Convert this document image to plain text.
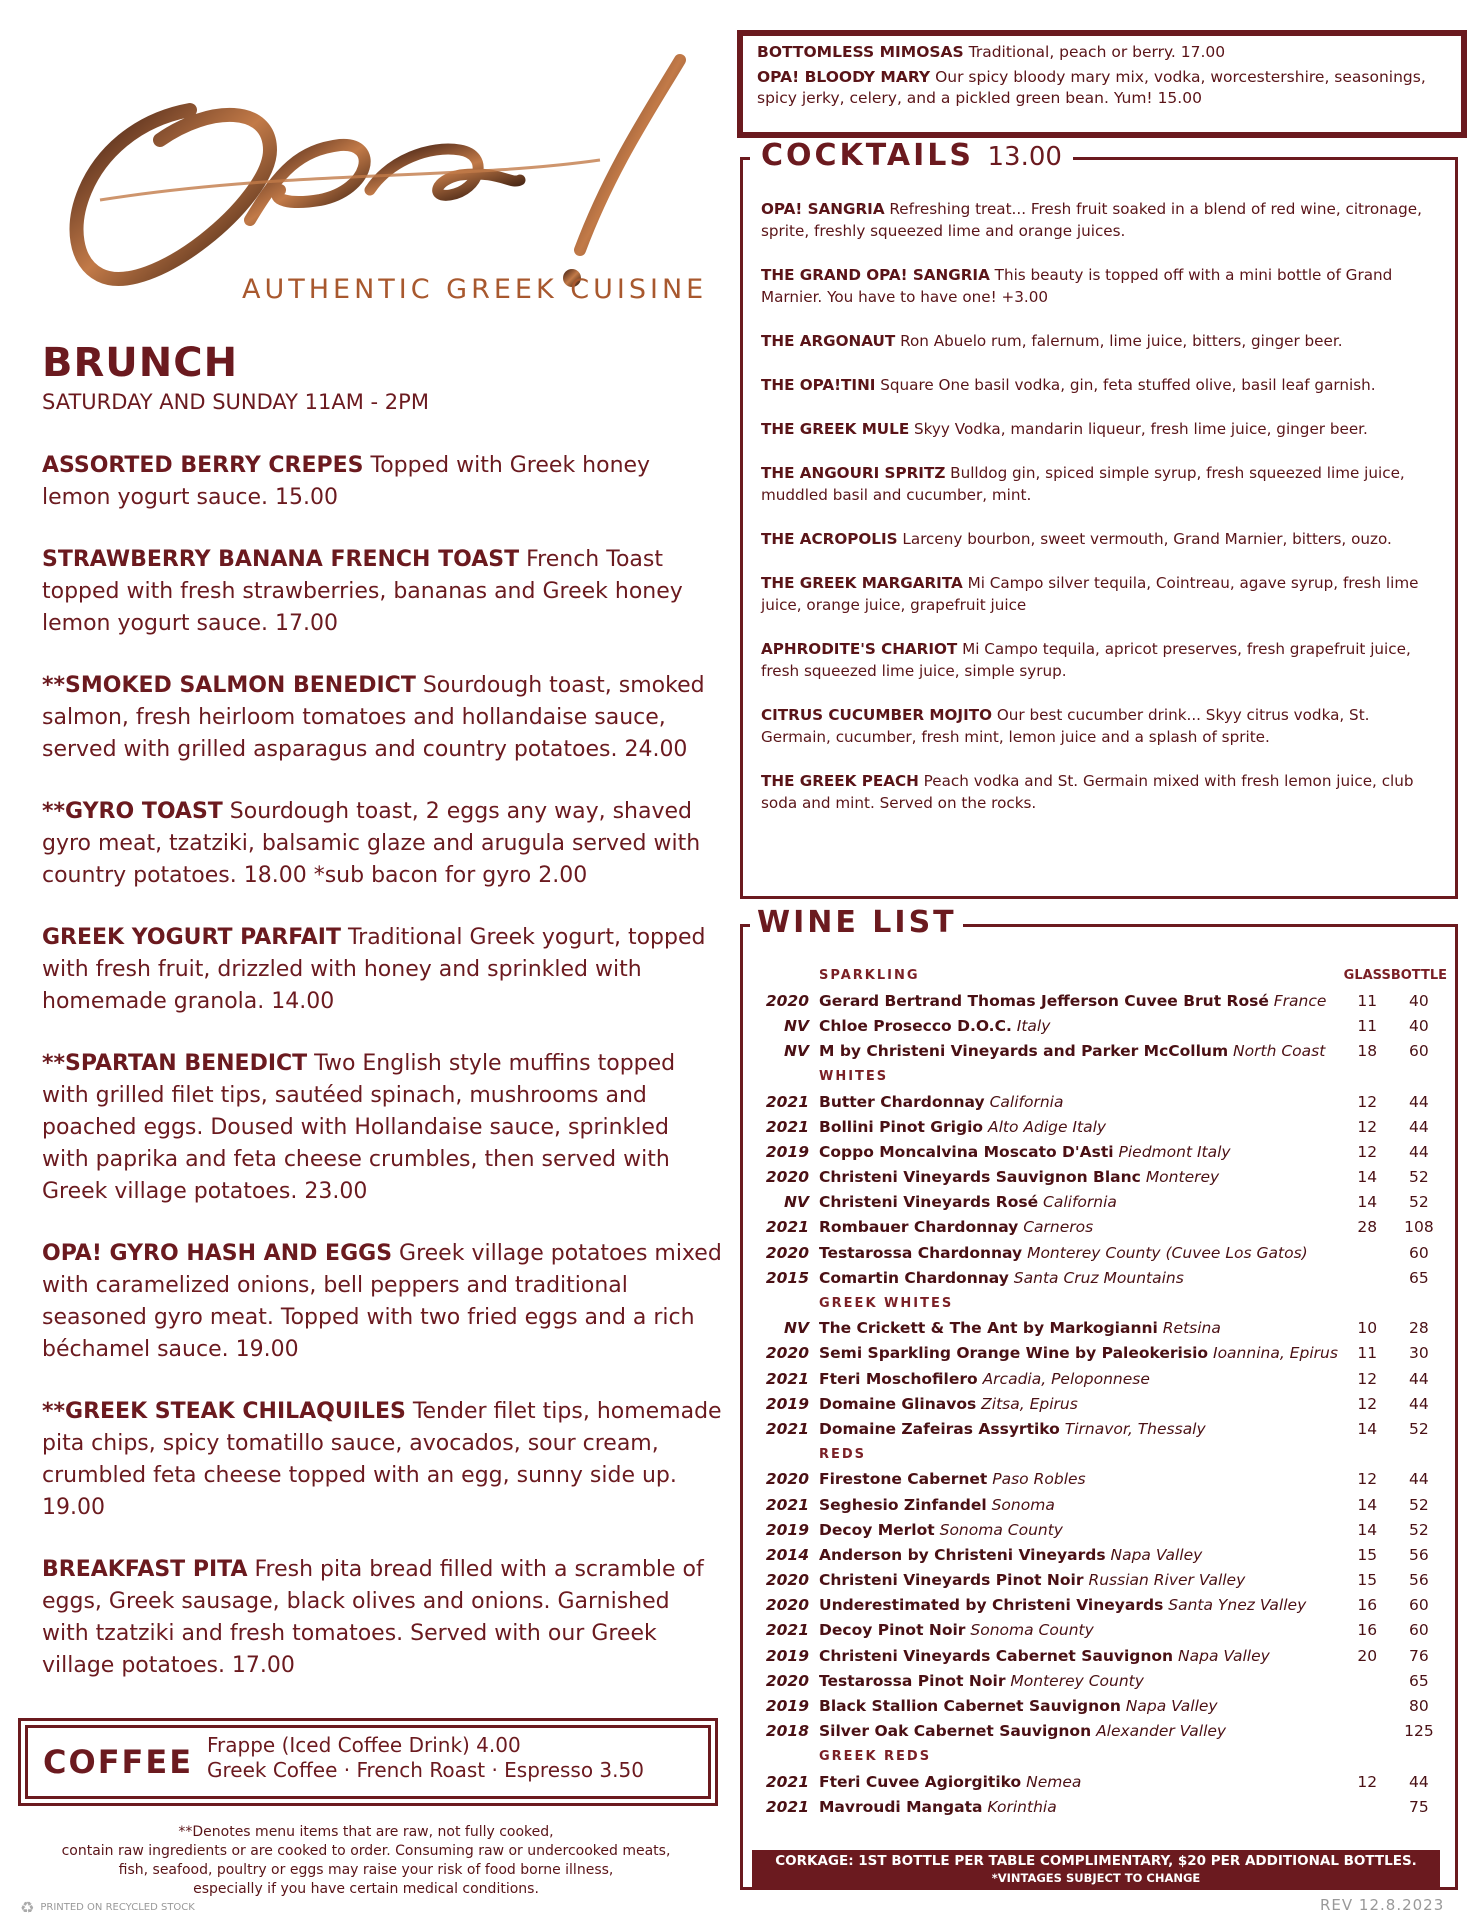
AUTHENTIC GREEK CUISINE
BRUNCH
SATURDAY AND SUNDAY 11AM - 2PM
ASSORTED BERRY CREPES Topped with Greek honey lemon yogurt sauce. 15.00
STRAWBERRY BANANA FRENCH TOAST French Toast topped with fresh strawberries, bananas and Greek honey lemon yogurt sauce. 17.00
**SMOKED SALMON BENEDICT Sourdough toast, smoked salmon, fresh heirloom tomatoes and hollandaise sauce, served with grilled asparagus and country potatoes. 24.00
**GYRO TOAST Sourdough toast, 2 eggs any way, shaved gyro meat, tzatziki, balsamic glaze and arugula served with country potatoes. 18.00 *sub bacon for gyro 2.00
GREEK YOGURT PARFAIT Traditional Greek yogurt, topped with fresh fruit, drizzled with honey and sprinkled with homemade granola. 14.00
**SPARTAN BENEDICT Two English style muffins topped with grilled filet tips, sautéed spinach, mushrooms and poached eggs. Doused with Hollandaise sauce, sprinkled with paprika and feta cheese crumbles, then served with Greek village potatoes. 23.00
OPA! GYRO HASH AND EGGS Greek village potatoes mixed with caramelized onions, bell peppers and traditional seasoned gyro meat. Topped with two fried eggs and a rich béchamel sauce. 19.00
**GREEK STEAK CHILAQUILES Tender filet tips, homemade pita chips, spicy tomatillo sauce, avocados, sour cream, crumbled feta cheese topped with an egg, sunny side up. 19.00
BREAKFAST PITA Fresh pita bread filled with a scramble of eggs, Greek sausage, black olives and onions. Garnished with tzatziki and fresh tomatoes. Served with our Greek village potatoes. 17.00
COFFEE Frappe (Iced Coffee Drink) 4.00
Greek Coffee · French Roast · Espresso 3.50
**Denotes menu items that are raw, not fully cooked,
contain raw ingredients or are cooked to order. Consuming raw or undercooked meats,
fish, seafood, poultry or eggs may raise your risk of food borne illness,
especially if you have certain medical conditions.
♻ PRINTED ON RECYCLED STOCK
BOTTOMLESS MIMOSAS Traditional, peach or berry. 17.00
OPA! BLOODY MARY Our spicy bloody mary mix, vodka, worcestershire, seasonings, spicy jerky, celery, and a pickled green bean. Yum! 15.00
COCKTAILS 13.00
OPA! SANGRIA Refreshing treat... Fresh fruit soaked in a blend of red wine, citronage, sprite, freshly squeezed lime and orange juices.
THE GRAND OPA! SANGRIA This beauty is topped off with a mini bottle of Grand Marnier. You have to have one! +3.00
THE ARGONAUT Ron Abuelo rum, falernum, lime juice, bitters, ginger beer.
THE OPA!TINI Square One basil vodka, gin, feta stuffed olive, basil leaf garnish.
THE GREEK MULE Skyy Vodka, mandarin liqueur, fresh lime juice, ginger beer.
THE ANGOURI SPRITZ Bulldog gin, spiced simple syrup, fresh squeezed lime juice, muddled basil and cucumber, mint.
THE ACROPOLIS Larceny bourbon, sweet vermouth, Grand Marnier, bitters, ouzo.
THE GREEK MARGARITA Mi Campo silver tequila, Cointreau, agave syrup, fresh lime juice, orange juice, grapefruit juice
APHRODITE'S CHARIOT Mi Campo tequila, apricot preserves, fresh grapefruit juice, fresh squeezed lime juice, simple syrup.
CITRUS CUCUMBER MOJITO Our best cucumber drink... Skyy citrus vodka, St. Germain, cucumber, fresh mint, lemon juice and a splash of sprite.
THE GREEK PEACH Peach vodka and St. Germain mixed with fresh lemon juice, club soda and mint. Served on the rocks.
WINE LIST
	SPARKLING	GLASS	BOTTLE
2020	Gerard Bertrand Thomas Jefferson Cuvee Brut Rosé France	11	40
NV	Chloe Prosecco D.O.C. Italy	11	40
NV	M by Christeni Vineyards and Parker McCollum North Coast	18	60
	WHITES		
2021	Butter Chardonnay California	12	44
2021	Bollini Pinot Grigio Alto Adige Italy	12	44
2019	Coppo Moncalvina Moscato D'Asti Piedmont Italy	12	44
2020	Christeni Vineyards Sauvignon Blanc Monterey	14	52
NV	Christeni Vineyards Rosé California	14	52
2021	Rombauer Chardonnay Carneros	28	108
2020	Testarossa Chardonnay Monterey County (Cuvee Los Gatos)		60
2015	Comartin Chardonnay Santa Cruz Mountains		65
	GREEK WHITES		
NV	The Crickett & The Ant by Markogianni Retsina	10	28
2020	Semi Sparkling Orange Wine by Paleokerisio Ioannina, Epirus	11	30
2021	Fteri Moschofilero Arcadia, Peloponnese	12	44
2019	Domaine Glinavos Zitsa, Epirus	12	44
2021	Domaine Zafeiras Assyrtiko Tirnavor, Thessaly	14	52
	REDS		
2020	Firestone Cabernet Paso Robles	12	44
2021	Seghesio Zinfandel Sonoma	14	52
2019	Decoy Merlot Sonoma County	14	52
2014	Anderson by Christeni Vineyards Napa Valley	15	56
2020	Christeni Vineyards Pinot Noir Russian River Valley	15	56
2020	Underestimated by Christeni Vineyards Santa Ynez Valley	16	60
2021	Decoy Pinot Noir Sonoma County	16	60
2019	Christeni Vineyards Cabernet Sauvignon Napa Valley	20	76
2020	Testarossa Pinot Noir Monterey County		65
2019	Black Stallion Cabernet Sauvignon Napa Valley		80
2018	Silver Oak Cabernet Sauvignon Alexander Valley		125
	GREEK REDS		
2021	Fteri Cuvee Agiorgitiko Nemea	12	44
2021	Mavroudi Mangata Korinthia		75
CORKAGE: 1ST BOTTLE PER TABLE COMPLIMENTARY, $20 PER ADDITIONAL BOTTLES.
*VINTAGES SUBJECT TO CHANGE
REV 12.8.2023
